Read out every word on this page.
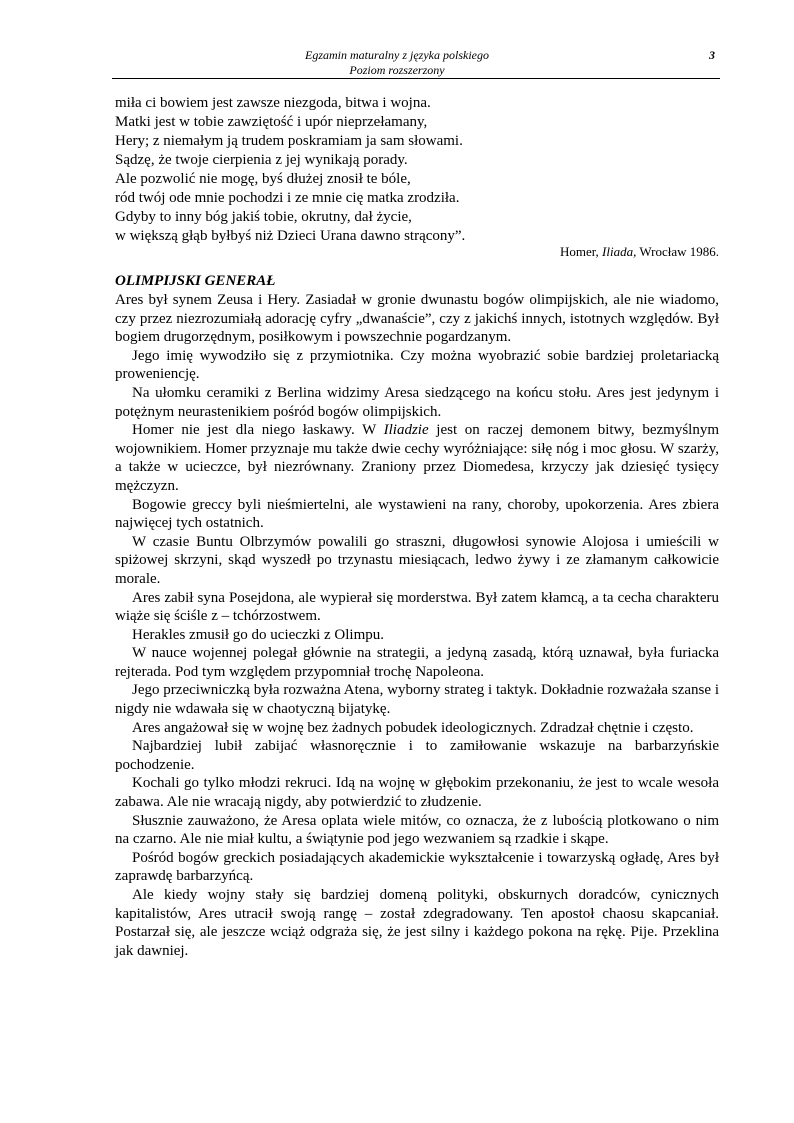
Egzamin maturalny z języka polskiego
Poziom rozszerzony
3
miła ci bowiem jest zawsze niezgoda, bitwa i wojna.
Matki jest w tobie zawziętość i upór nieprzełamany,
Hery; z niemałym ją trudem poskramiam ja sam słowami.
Sądzę, że twoje cierpienia z jej wynikają porady.
Ale pozwolić nie mogę, byś dłużej znosił te bóle,
ród twój ode mnie pochodzi i ze mnie cię matka zrodziła.
Gdyby to inny bóg jakiś tobie, okrutny, dał życie,
w większą głąb byłbyś niż Dzieci Urana dawno strącony”.
Homer, Iliada, Wrocław 1986.
OLIMPIJSKI GENERAŁ

Ares był synem Zeusa i Hery. Zasiadał w gronie dwunastu bogów olimpijskich, ale nie wiadomo, czy przez niezrozumiałą adorację cyfry „dwanaście”, czy z jakichś innych, istotnych względów. Był bogiem drugorzędnym, posiłkowym i powszechnie pogardzanym.

Jego imię wywodziło się z przymiotnika. Czy można wyobrazić sobie bardziej proletariacką proweniencję.

Na ułomku ceramiki z Berlina widzimy Aresa siedzącego na końcu stołu. Ares jest jedynym i potężnym neurastenikiem pośród bogów olimpijskich.

Homer nie jest dla niego łaskawy. W Iliadzie jest on raczej demonem bitwy, bezmyślnym wojownikiem. Homer przyznaje mu także dwie cechy wyróżniające: siłę nóg i moc głosu. W szarży, a także w ucieczce, był niezrównany. Zraniony przez Diomedesa, krzyczy jak dziesięć tysięcy mężczyzn.

Bogowie greccy byli nieśmiertelni, ale wystawieni na rany, choroby, upokorzenia. Ares zbiera najwięcej tych ostatnich.

W czasie Buntu Olbrzymów powalili go straszni, długowłosi synowie Alojosa i umieścili w spiżowej skrzyni, skąd wyszedł po trzynastu miesiącach, ledwo żywy i ze złamanym całkowicie morale.

Ares zabił syna Posejdona, ale wypierał się morderstwa. Był zatem kłamcą, a ta cecha charakteru wiąże się ściśle z – tchórzostwem.

Herakles zmusił go do ucieczki z Olimpu.

W nauce wojennej polegał głównie na strategii, a jedyną zasadą, którą uznawał, była furiacka rejterada. Pod tym względem przypomniał trochę Napoleona.

Jego przeciwniczką była rozważna Atena, wyborny strateg i taktyk. Dokładnie rozważała szanse i nigdy nie wdawała się w chaotyczną bijatykę.

Ares angażował się w wojnę bez żadnych pobudek ideologicznych. Zdradzał chętnie i często.

Najbardziej lubił zabijać własnoręcznie i to zamiłowanie wskazuje na barbarzyńskie pochodzenie.

Kochali go tylko młodzi rekruci. Idą na wojnę w głębokim przekonaniu, że jest to wcale wesoła zabawa. Ale nie wracają nigdy, aby potwierdzić to złudzenie.

Słusznie zauważono, że Aresa oplata wiele mitów, co oznacza, że z lubością plotkowano o nim na czarno. Ale nie miał kultu, a świątynie pod jego wezwaniem są rzadkie i skąpe.

Pośród bogów greckich posiadających akademickie wykształcenie i towarzyską ogładę, Ares był zaprawdę barbarzyńcą.

Ale kiedy wojny stały się bardziej domeną polityki, obskurnych doradców, cynicznych kapitalistów, Ares utracił swoją rangę – został zdegradowany. Ten apostoł chaosu skapcaniał. Postarzał się, ale jeszcze wciąż odgraża się, że jest silny i każdego pokona na rękę. Pije. Przeklina jak dawniej.
